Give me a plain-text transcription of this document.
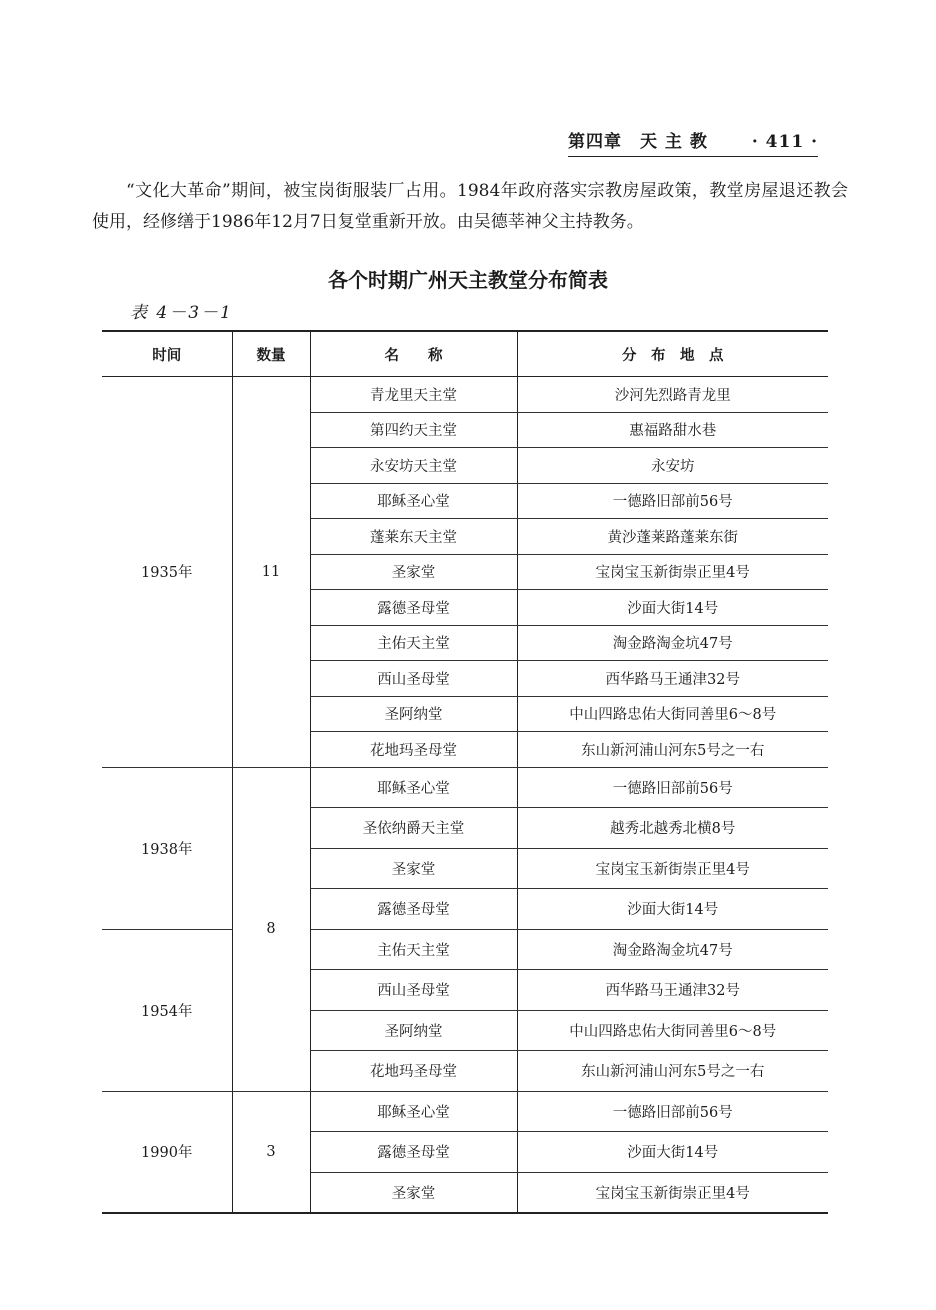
第四章　天 主 教	· 411 ·

“文化大革命”期间，被宝岗街服装厂占用。1984年政府落实宗教房屋政策，教堂房屋退还教会使用，经修缮于1986年12月7日复堂重新开放。由吴德莘神父主持教务。

各个时期广州天主教堂分布简表
表 4－3－1
时间	数量	名　　称	分　布　地　点
1935年	11	青龙里天主堂	沙河先烈路青龙里
		第四约天主堂	惠福路甜水巷
		永安坊天主堂	永安坊
		耶稣圣心堂	一德路旧部前56号
		蓬莱东天主堂	黄沙蓬莱路蓬莱东街
		圣家堂	宝岗宝玉新街崇正里4号
		露德圣母堂	沙面大街14号
		主佑天主堂	淘金路淘金坑47号
		西山圣母堂	西华路马王通津32号
		圣阿纳堂	中山四路忠佑大街同善里6～8号
		花地玛圣母堂	东山新河浦山河东5号之一右
1938年	8	耶稣圣心堂	一德路旧部前56号
		圣依纳爵天主堂	越秀北越秀北横8号
		圣家堂	宝岗宝玉新街崇正里4号
		露德圣母堂	沙面大街14号
1954年		主佑天主堂	淘金路淘金坑47号
		西山圣母堂	西华路马王通津32号
		圣阿纳堂	中山四路忠佑大街同善里6～8号
		花地玛圣母堂	东山新河浦山河东5号之一右
1990年	3	耶稣圣心堂	一德路旧部前56号
		露德圣母堂	沙面大街14号
		圣家堂	宝岗宝玉新街崇正里4号
